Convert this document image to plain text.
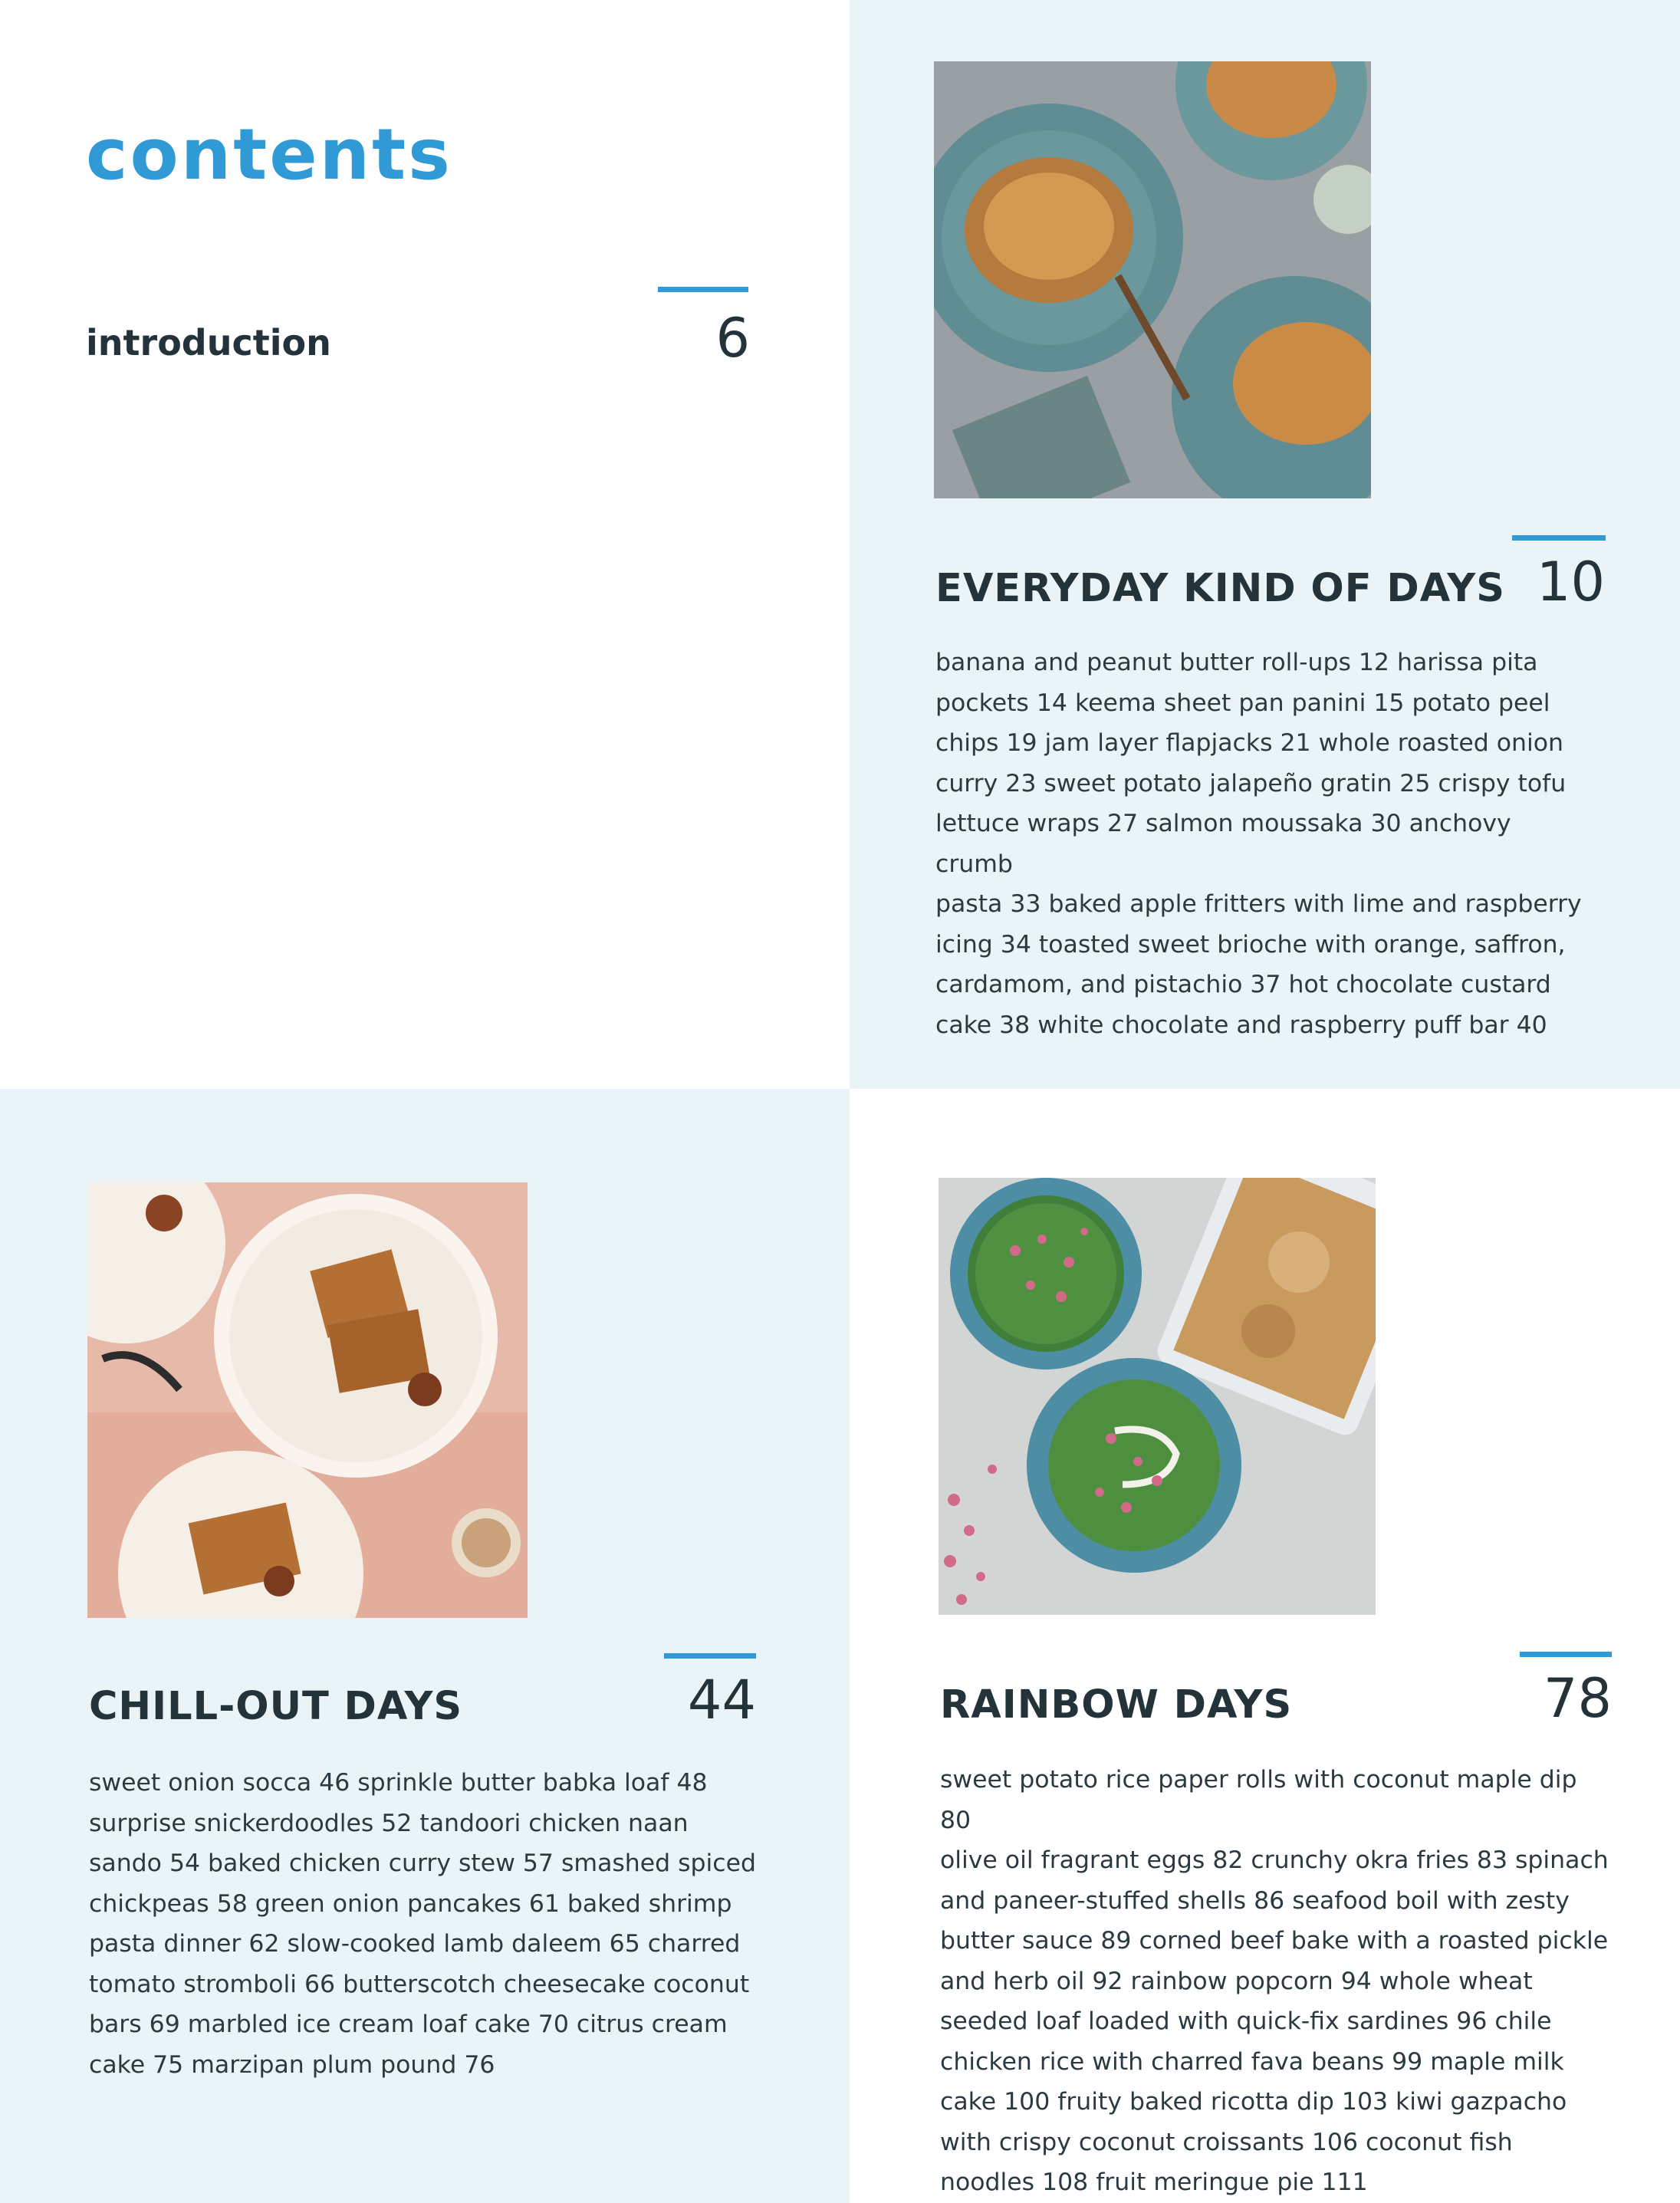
contents
introduction	6
EVERYDAY KIND OF DAYS 10
banana and peanut butter roll-ups 12 harissa pita
pockets 14 keema sheet pan panini 15 potato peel
chips 19 jam layer flapjacks 21 whole roasted onion
curry 23 sweet potato jalapeño gratin 25 crispy tofu
lettuce wraps 27 salmon moussaka 30 anchovy crumb
pasta 33 baked apple fritters with lime and raspberry
icing 34 toasted sweet brioche with orange, saffron,
cardamom, and pistachio 37 hot chocolate custard
cake 38 white chocolate and raspberry puff bar 40
CHILL-OUT DAYS	44
sweet onion socca 46 sprinkle butter babka loaf 48
surprise snickerdoodles 52 tandoori chicken naan
sando 54 baked chicken curry stew 57 smashed spiced
chickpeas 58 green onion pancakes 61 baked shrimp
pasta dinner 62 slow-cooked lamb daleem 65 charred
tomato stromboli 66 butterscotch cheesecake coconut
bars 69 marbled ice cream loaf cake 70 citrus cream
cake 75 marzipan plum pound 76
RAINBOW DAYS	78
sweet potato rice paper rolls with coconut maple dip 80
olive oil fragrant eggs 82 crunchy okra fries 83 spinach
and paneer-stuffed shells 86 seafood boil with zesty
butter sauce 89 corned beef bake with a roasted pickle
and herb oil 92 rainbow popcorn 94 whole wheat
seeded loaf loaded with quick-fix sardines 96 chile
chicken rice with charred fava beans 99 maple milk
cake 100 fruity baked ricotta dip 103 kiwi gazpacho
with crispy coconut croissants 106 coconut fish
noodles 108 fruit meringue pie 111
